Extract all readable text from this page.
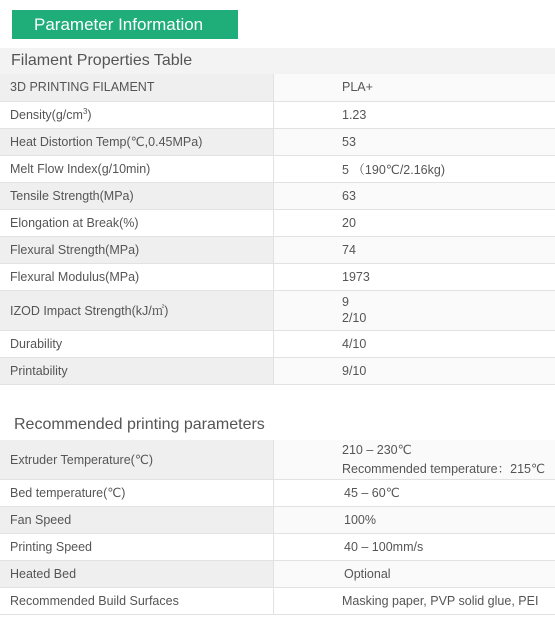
Parameter Information
Filament Properties Table
3D PRINTING FILAMENT	PLA+

$Density(g/cm^3)$	1.23

Heat Distortion Temp(℃,0.45MPa)	53

Melt Flow Index(g/10min)	5 （190℃/2.16kg)

Tensile Strength(MPa)	63

Elongation at Break(%)	20

Flexural Strength(MPa)	74

Flexural Modulus(MPa)	1973

IZOD Impact Strength(kJ/㎡)	9
2/10

Durability	4/10

Printability	9/10
Recommended printing parameters
Extruder Temperature(℃)	210 – 230℃
Recommended temperature：215℃

Bed temperature(℃)	45 – 60℃

Fan Speed	100%

Printing Speed	40 – 100mm/s

Heated Bed	Optional

Recommended Build Surfaces	Masking paper, PVP solid glue, PEI
